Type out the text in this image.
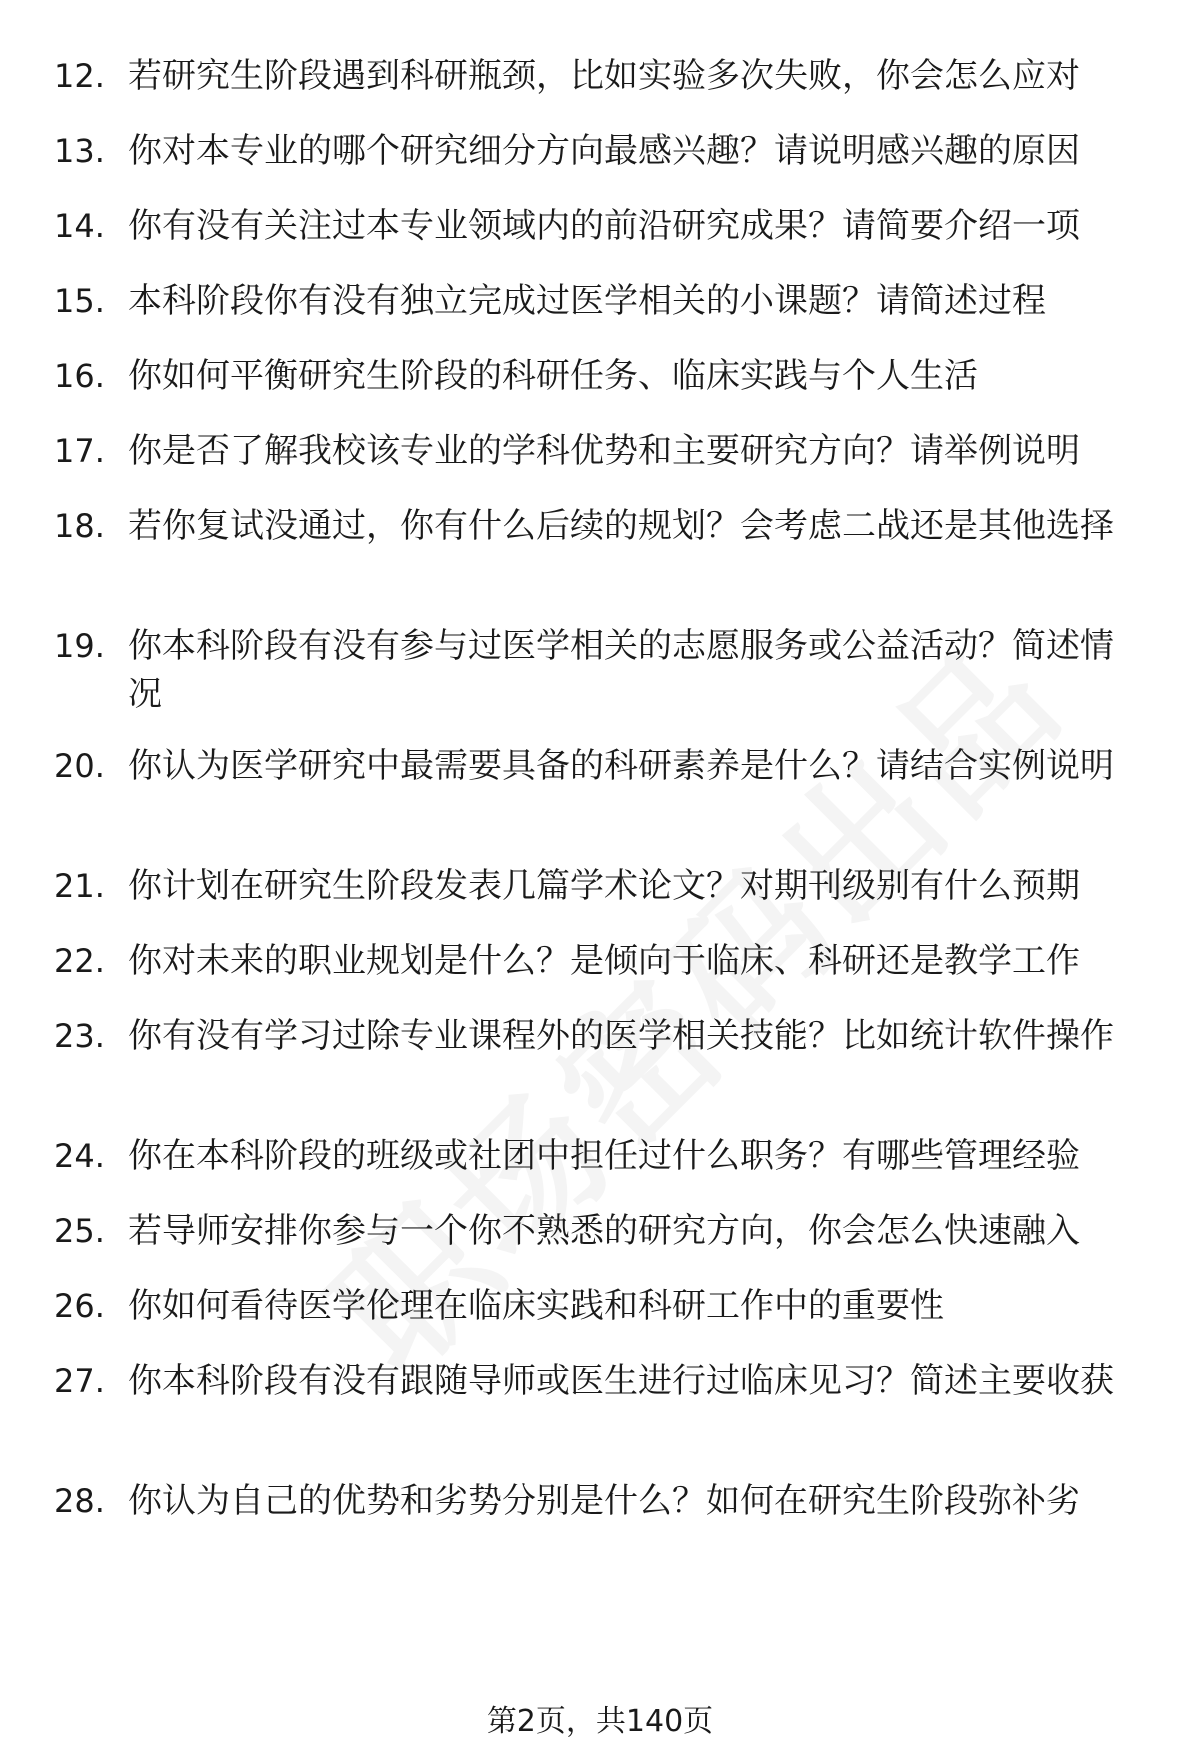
12. 若研究生阶段遇到科研瓶颈，比如实验多次失败，你会怎么应对
13. 你对本专业的哪个研究细分方向最感兴趣？请说明感兴趣的原因
14. 你有没有关注过本专业领域内的前沿研究成果？请简要介绍一项
15. 本科阶段你有没有独立完成过医学相关的小课题？请简述过程
16. 你如何平衡研究生阶段的科研任务、临床实践与个人生活
17. 你是否了解我校该专业的学科优势和主要研究方向？请举例说明
18. 若你复试没通过，你有什么后续的规划？会考虑二战还是其他选择
19. 你本科阶段有没有参与过医学相关的志愿服务或公益活动？简述情况
20. 你认为医学研究中最需要具备的科研素养是什么？请结合实例说明
21. 你计划在研究生阶段发表几篇学术论文？对期刊级别有什么预期
22. 你对未来的职业规划是什么？是倾向于临床、科研还是教学工作
23. 你有没有学习过除专业课程外的医学相关技能？比如统计软件操作
24. 你在本科阶段的班级或社团中担任过什么职务？有哪些管理经验
25. 若导师安排你参与一个你不熟悉的研究方向，你会怎么快速融入
26. 你如何看待医学伦理在临床实践和科研工作中的重要性
27. 你本科阶段有没有跟随导师或医生进行过临床见习？简述主要收获
28. 你认为自己的优势和劣势分别是什么？如何在研究生阶段弥补劣
第2页，共140页
